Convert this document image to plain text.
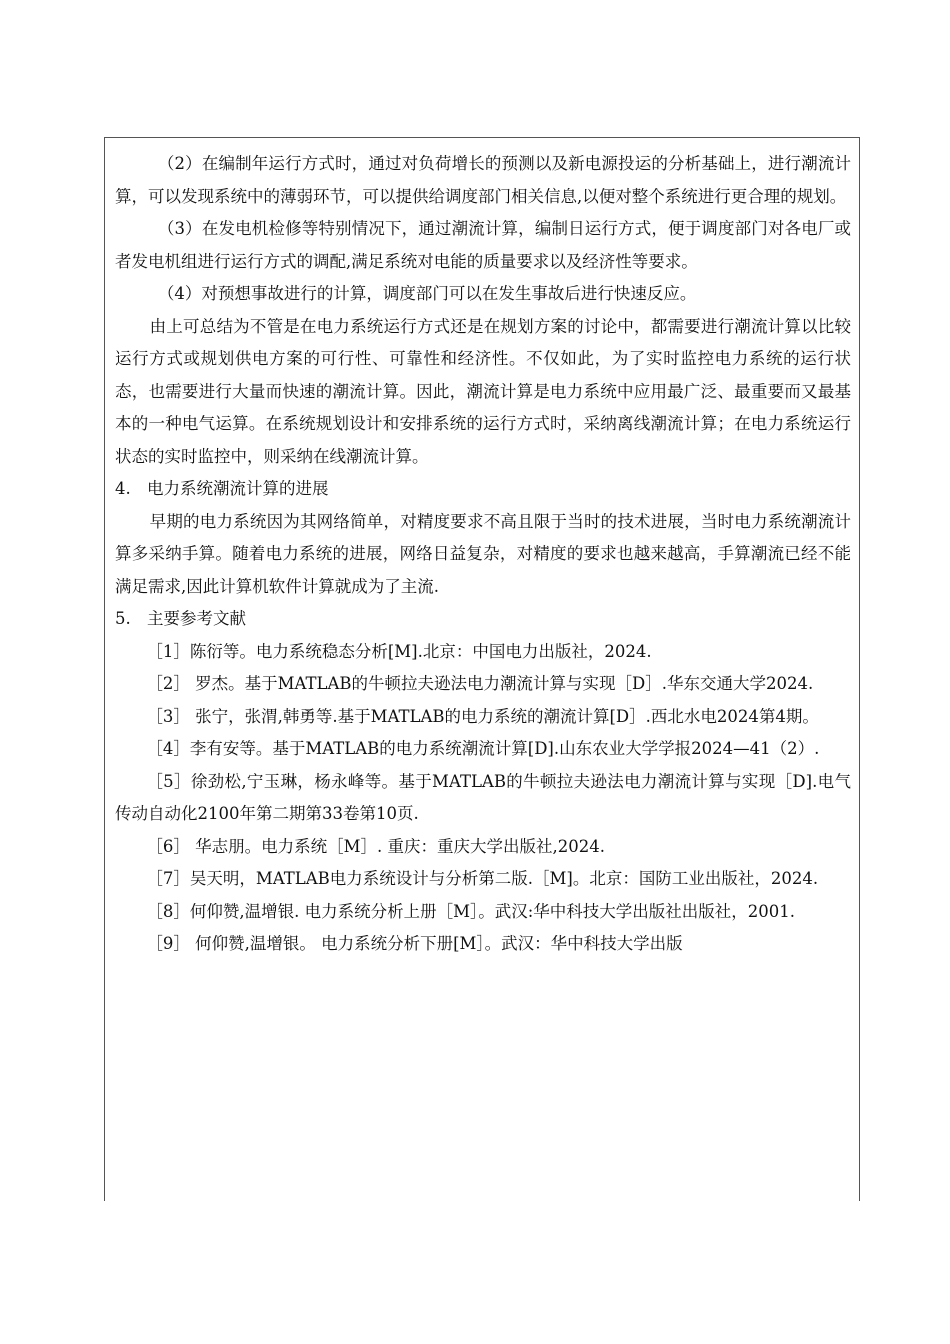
（2）在编制年运行方式时，通过对负荷增长的预测以及新电源投运的分析基础上，进行潮流计算，可以发现系统中的薄弱环节，可以提供给调度部门相关信息,以便对整个系统进行更合理的规划。

（3）在发电机检修等特别情况下，通过潮流计算，编制日运行方式，便于调度部门对各电厂或者发电机组进行运行方式的调配,满足系统对电能的质量要求以及经济性等要求。

（4）对预想事故进行的计算，调度部门可以在发生事故后进行快速反应。

由上可总结为不管是在电力系统运行方式还是在规划方案的讨论中，都需要进行潮流计算以比较运行方式或规划供电方案的可行性、可靠性和经济性。不仅如此，为了实时监控电力系统的运行状态，也需要进行大量而快速的潮流计算。因此，潮流计算是电力系统中应用最广泛、最重要而又最基本的一种电气运算。在系统规划设计和安排系统的运行方式时，采纳离线潮流计算；在电力系统运行状态的实时监控中，则采纳在线潮流计算。

4. 电力系统潮流计算的进展

早期的电力系统因为其网络简单，对精度要求不高且限于当时的技术进展，当时电力系统潮流计算多采纳手算。随着电力系统的进展，网络日益复杂，对精度的要求也越来越高，手算潮流已经不能满足需求,因此计算机软件计算就成为了主流.

5. 主要参考文献

［1］陈衍等。电力系统稳态分析[M].北京：中国电力出版社，2024.

［2］ 罗杰。基于MATLAB的牛顿拉夫逊法电力潮流计算与实现［D］.华东交通大学2024.

［3］ 张宁，张渭,韩勇等.基于MATLAB的电力系统的潮流计算[D］.西北水电2024第4期。

［4］李有安等。基于MATLAB的电力系统潮流计算[D].山东农业大学学报2024—41（2）.

［5］徐劲松,宁玉琳，杨永峰等。基于MATLAB的牛顿拉夫逊法电力潮流计算与实现［D].电气传动自动化2100年第二期第33卷第10页.

［6］ 华志朋。电力系统［M］. 重庆：重庆大学出版社,2024.

［7］吴天明，MATLAB电力系统设计与分析第二版.［M]。北京：国防工业出版社，2024.

［8］何仰赞,温增银. 电力系统分析上册［M］。武汉:华中科技大学出版社出版社，2001.

［9］ 何仰赞,温增银。 电力系统分析下册[M］。武汉：华中科技大学出版
